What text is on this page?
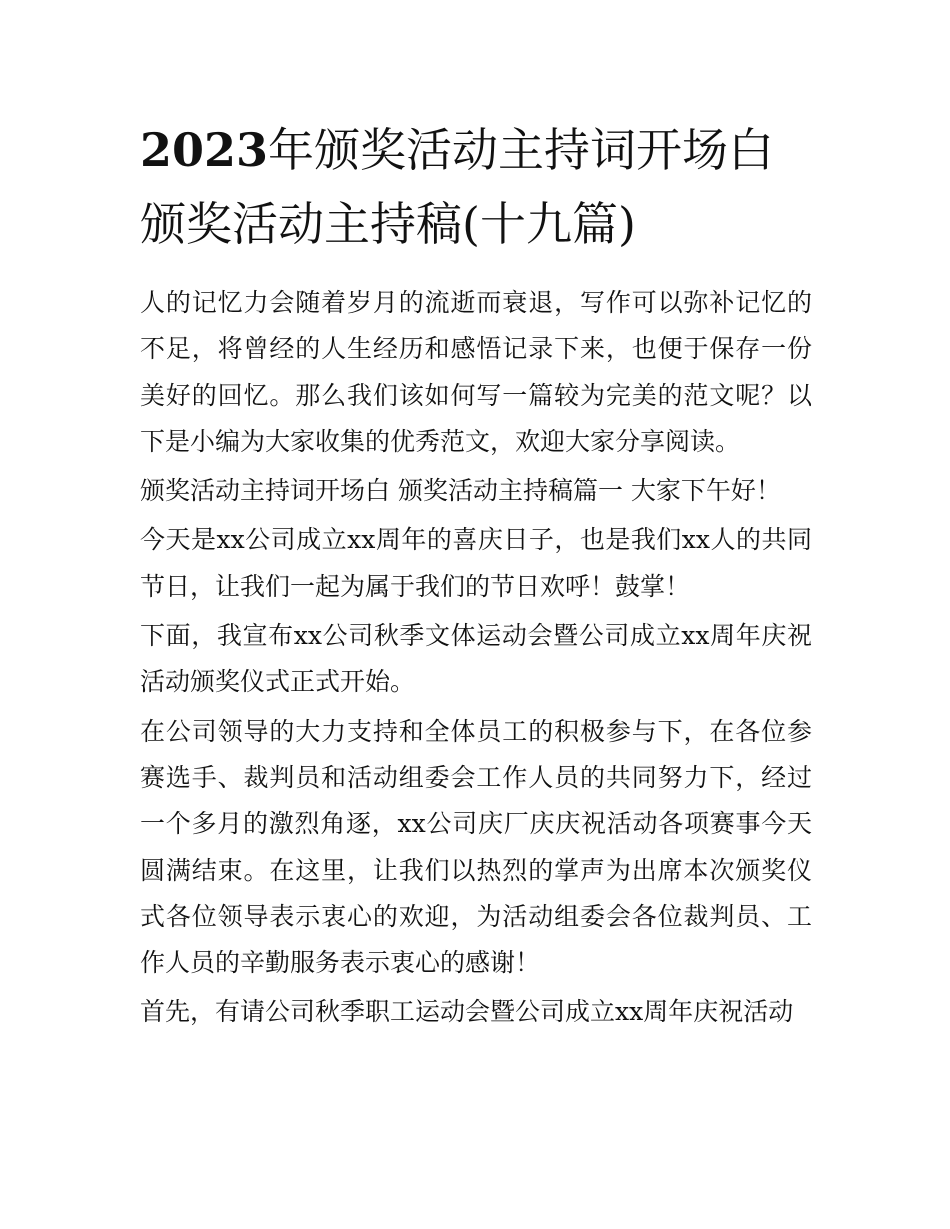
2023年颁奖活动主持词开场白
颁奖活动主持稿(十九篇)

人的记忆力会随着岁月的流逝而衰退，写作可以弥补记忆的不足，将曾经的人生经历和感悟记录下来，也便于保存一份美好的回忆。那么我们该如何写一篇较为完美的范文呢？以下是小编为大家收集的优秀范文，欢迎大家分享阅读。

颁奖活动主持词开场白 颁奖活动主持稿篇一 大家下午好！

今天是xx公司成立xx周年的喜庆日子，也是我们xx人的共同节日，让我们一起为属于我们的节日欢呼！鼓掌！

下面，我宣布xx公司秋季文体运动会暨公司成立xx周年庆祝活动颁奖仪式正式开始。

在公司领导的大力支持和全体员工的积极参与下，在各位参赛选手、裁判员和活动组委会工作人员的共同努力下，经过一个多月的激烈角逐，xx公司庆厂庆庆祝活动各项赛事今天圆满结束。在这里，让我们以热烈的掌声为出席本次颁奖仪式各位领导表示衷心的欢迎，为活动组委会各位裁判员、工作人员的辛勤服务表示衷心的感谢！

首先，有请公司秋季职工运动会暨公司成立xx周年庆祝活动
